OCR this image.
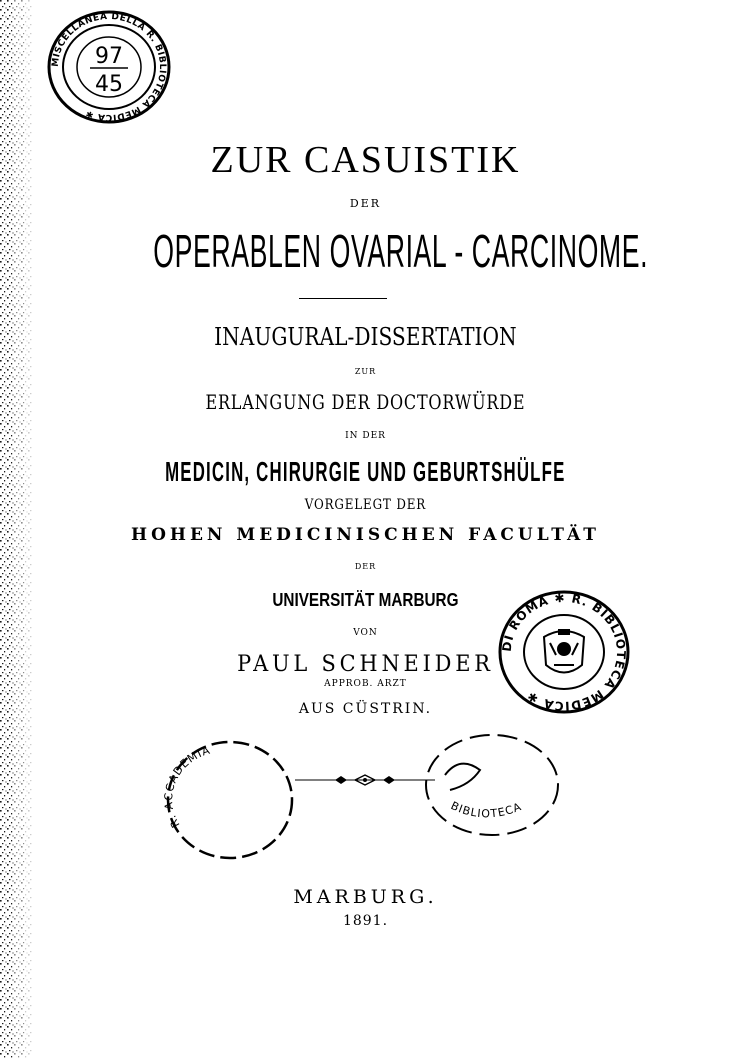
MISCELLANEA DELLA R. BIBLIOTECA MEDICA ✱
97
45
ZUR CASUISTIK
DER
OPERABLEN OVARIAL - CARCINOME.
INAUGURAL-DISSERTATION
ZUR
ERLANGUNG DER DOCTORWÜRDE
IN DER
MEDICIN, CHIRURGIE UND GEBURTSHÜLFE
VORGELEGT DER
HOHEN MEDICINISCHEN FACULTÄT
DER
UNIVERSITÄT MARBURG
VON
PAUL SCHNEIDER
APPROB. ARZT
AUS CÜSTRIN.
DI ROMA ✱ R. BIBLIOTECA MEDICA ✱
R. ACCADEMIA
BIBLIOTECA
MARBURG.
1891.
